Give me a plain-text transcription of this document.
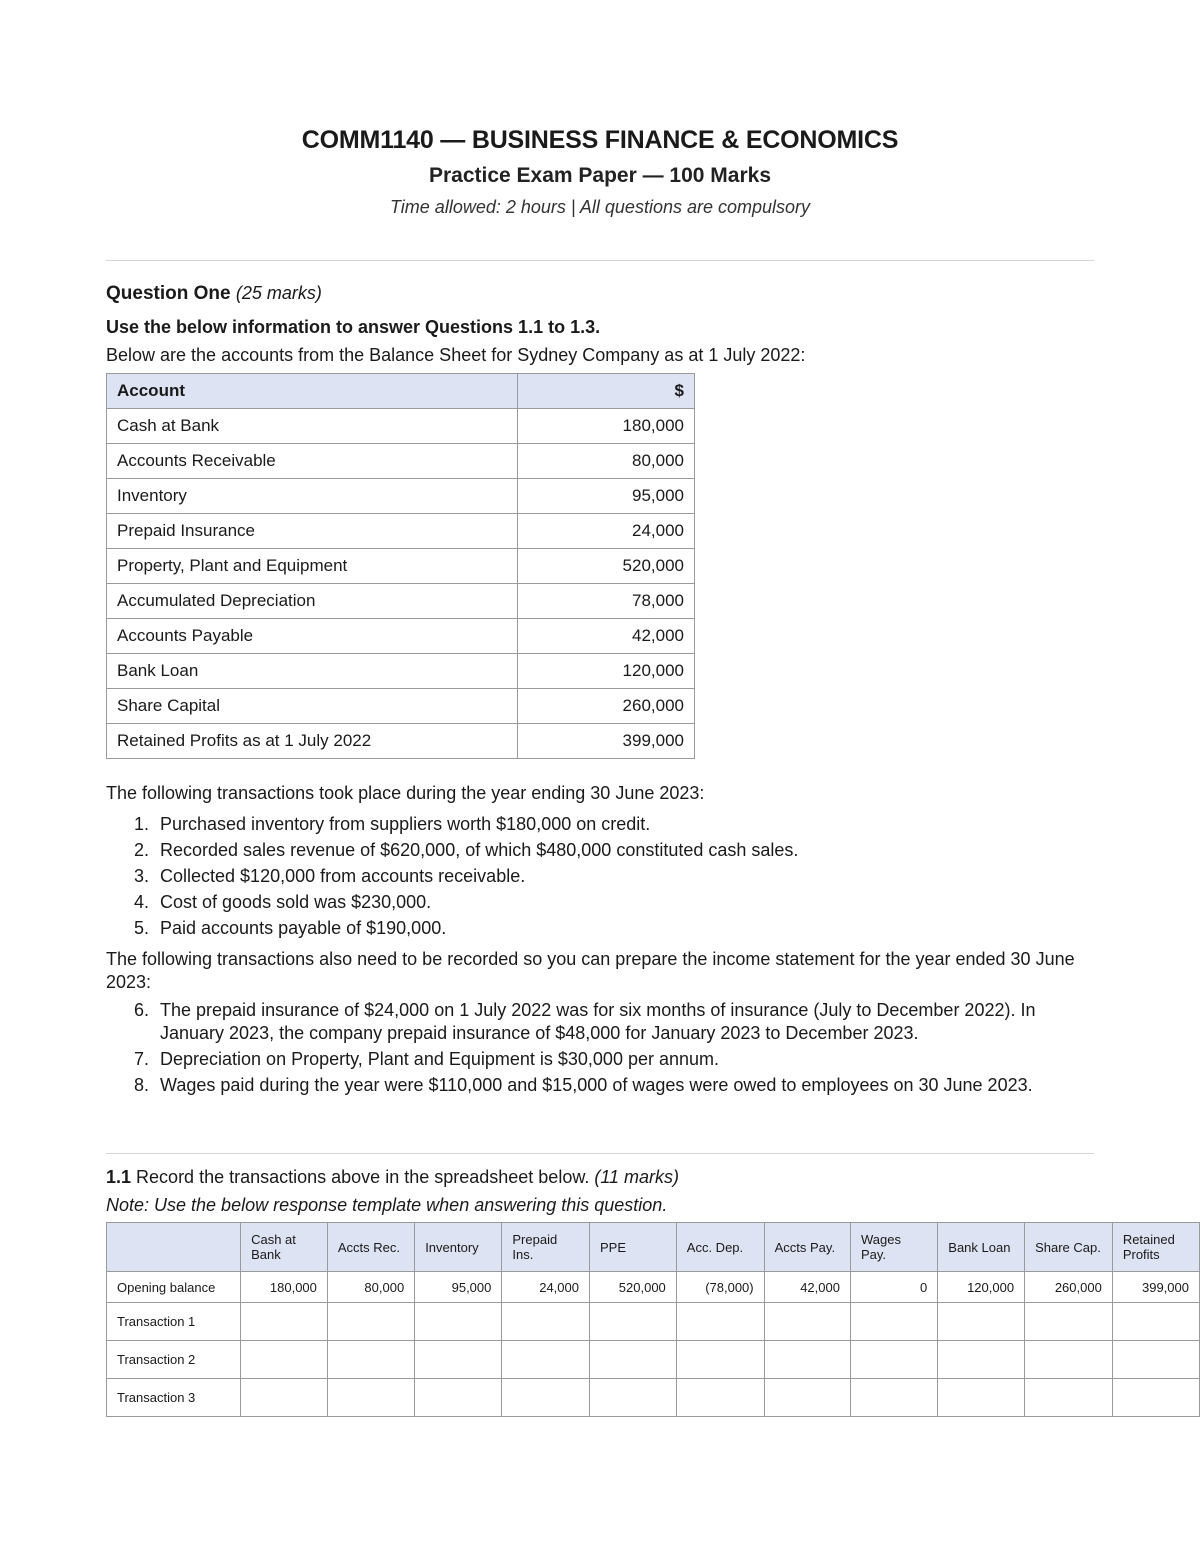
COMM1140 — BUSINESS FINANCE & ECONOMICS
Practice Exam Paper — 100 Marks
Time allowed: 2 hours | All questions are compulsory
Question One (25 marks)
Use the below information to answer Questions 1.1 to 1.3.
Below are the accounts from the Balance Sheet for Sydney Company as at 1 July 2022:
Account	$
Cash at Bank	180,000
Accounts Receivable	80,000
Inventory	95,000
Prepaid Insurance	24,000
Property, Plant and Equipment	520,000
Accumulated Depreciation	78,000
Accounts Payable	42,000
Bank Loan	120,000
Share Capital	260,000
Retained Profits as at 1 July 2022	399,000
The following transactions took place during the year ending 30 June 2023:
1. Purchased inventory from suppliers worth $180,000 on credit.
2. Recorded sales revenue of $620,000, of which $480,000 constituted cash sales.
3. Collected $120,000 from accounts receivable.
4. Cost of goods sold was $230,000.
5. Paid accounts payable of $190,000.
The following transactions also need to be recorded so you can prepare the income statement for the year ended 30 June 2023:
6. The prepaid insurance of $24,000 on 1 July 2022 was for six months of insurance (July to December 2022). In January 2023, the company prepaid insurance of $48,000 for January 2023 to December 2023.
7. Depreciation on Property, Plant and Equipment is $30,000 per annum.
8. Wages paid during the year were $110,000 and $15,000 of wages were owed to employees on 30 June 2023.
1.1 Record the transactions above in the spreadsheet below. (11 marks)
Note: Use the below response template when answering this question.
	Cash at Bank	Accts Rec.	Inventory	Prepaid Ins.	PPE	Acc. Dep.	Accts Pay.	Wages Pay.	Bank Loan	Share Cap.	Retained Profits
Opening balance	180,000	80,000	95,000	24,000	520,000	(78,000)	42,000	0	120,000	260,000	399,000
Transaction 1											
Transaction 2											
Transaction 3											
